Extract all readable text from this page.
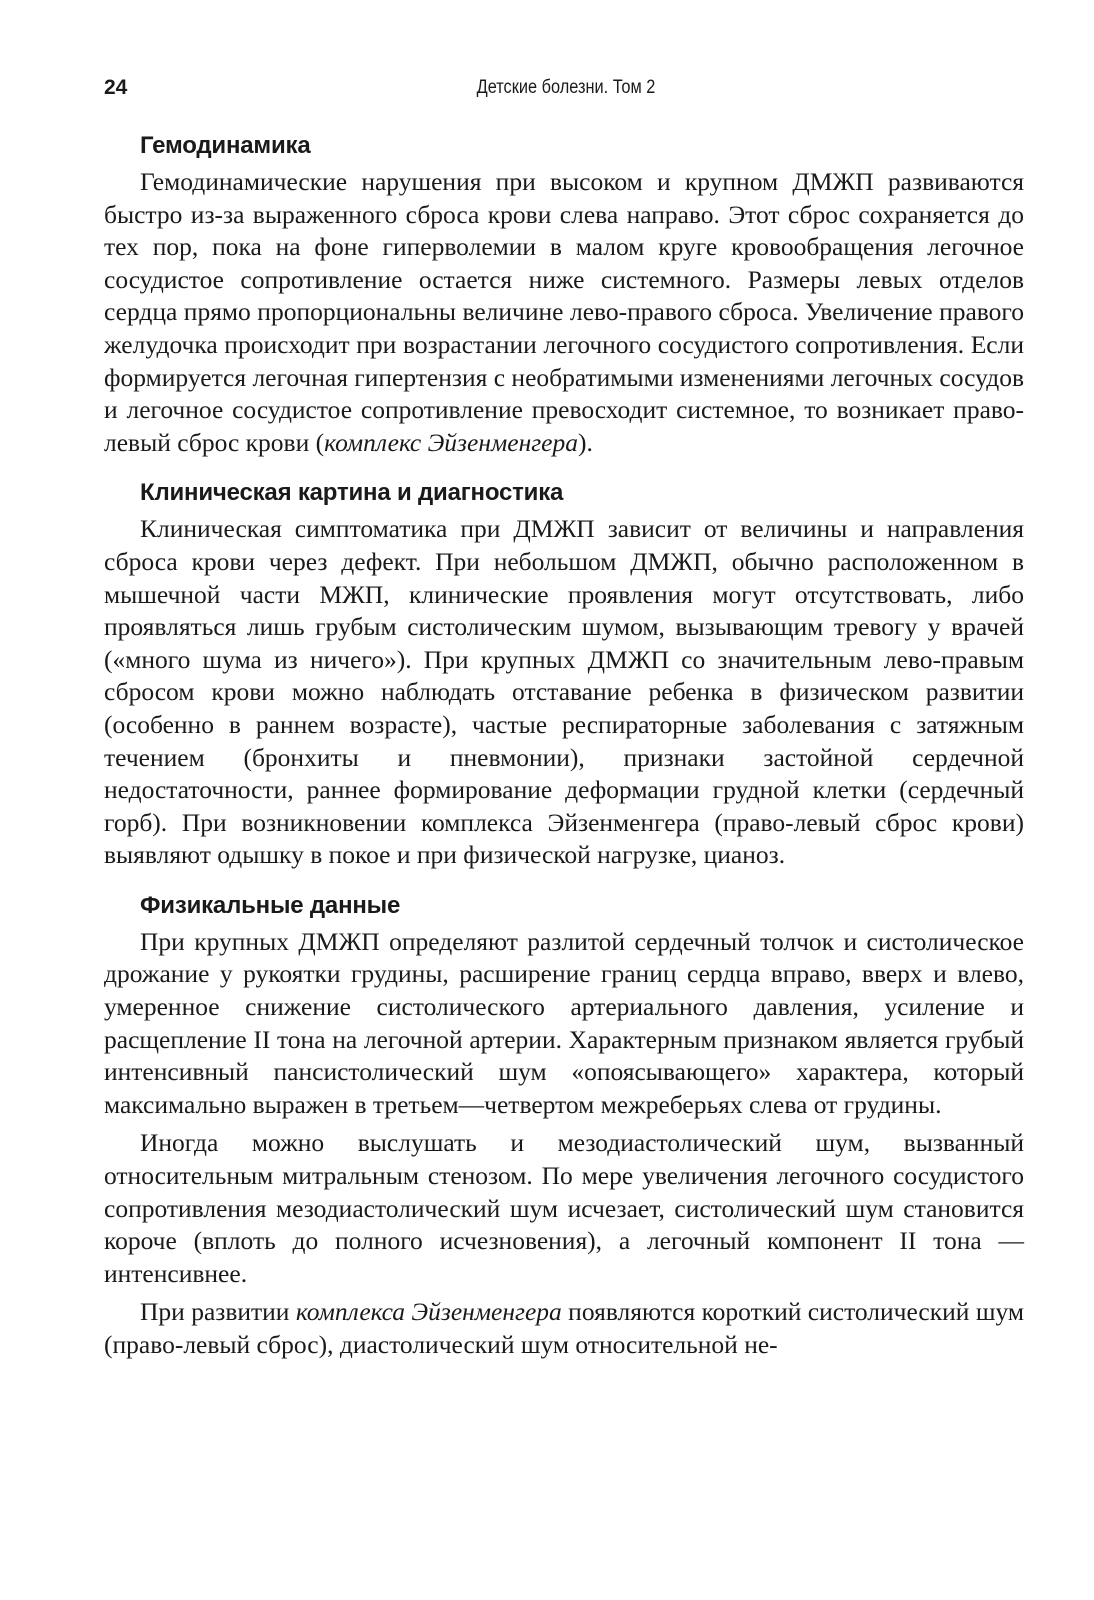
24	Детские болезни. Том 2
Гемодинамика

Гемодинамические нарушения при высоком и крупном ДМЖП развиваются быстро из-за выраженного сброса крови слева направо. Этот сброс сохраняется до тех пор, пока на фоне гиперволемии в малом круге кровообращения легочное сосудистое сопротивление остается ниже системного. Размеры левых отделов сердца прямо пропорциональны величине лево-правого сброса. Увеличение правого желудочка происходит при возрастании легочного сосудистого сопротивления. Если формируется легочная гипертензия с необратимыми изменениями легочных сосудов и легочное сосудистое сопротивление превосходит системное, то возникает право-левый сброс крови (комплекс Эйзенменгера).

Клиническая картина и диагностика

Клиническая симптоматика при ДМЖП зависит от величины и направления сброса крови через дефект. При небольшом ДМЖП, обычно расположенном в мышечной части МЖП, клинические проявления могут отсутствовать, либо проявляться лишь грубым систолическим шумом, вызывающим тревогу у врачей («много шума из ничего»). При крупных ДМЖП со значительным лево-правым сбросом крови можно наблюдать отставание ребенка в физическом развитии (особенно в раннем возрасте), частые респираторные заболевания с затяжным течением (бронхиты и пневмонии), признаки застойной сердечной недостаточности, раннее формирование деформации грудной клетки (сердечный горб). При возникновении комплекса Эйзенменгера (право-левый сброс крови) выявляют одышку в покое и при физической нагрузке, цианоз.

Физикальные данные

При крупных ДМЖП определяют разлитой сердечный толчок и систолическое дрожание у рукоятки грудины, расширение границ сердца вправо, вверх и влево, умеренное снижение систолического артериального давления, усиление и расщепление II тона на легочной артерии. Характерным признаком является грубый интенсивный пансистолический шум «опоясывающего» характера, который максимально выражен в третьем—четвертом межреберьях слева от грудины.

Иногда можно выслушать и мезодиастолический шум, вызванный относительным митральным стенозом. По мере увеличения легочного сосудистого сопротивления мезодиастолический шум исчезает, систолический шум становится короче (вплоть до полного исчезновения), а легочный компонент II тона — интенсивнее.

При развитии комплекса Эйзенменгера появляются короткий систолический шум (право-левый сброс), диастолический шум относительной не-
